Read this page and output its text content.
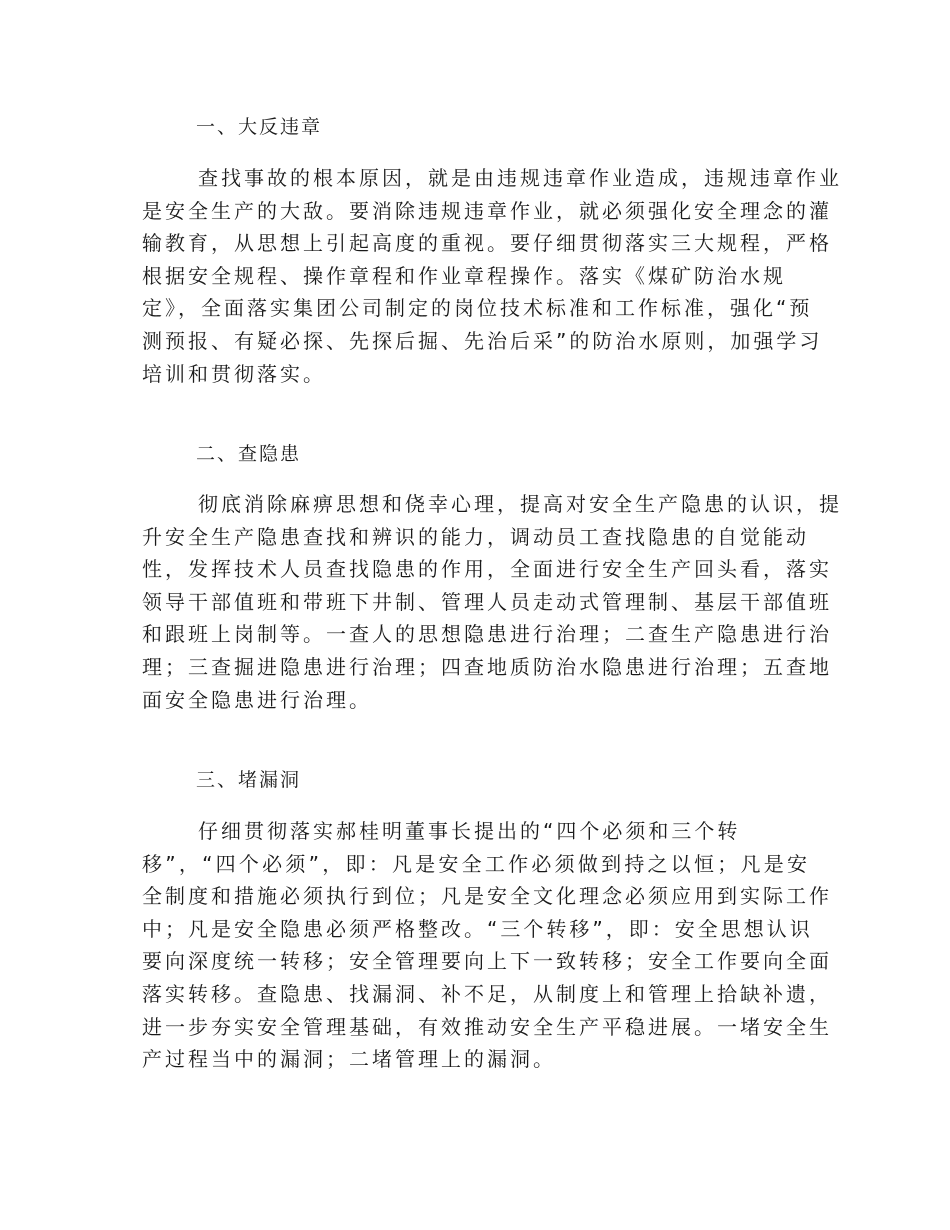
一、大反违章
查找事故的根本原因，就是由违规违章作业造成，违规违章作业
是安全生产的大敌。要消除违规违章作业，就必须强化安全理念的灌
输教育，从思想上引起高度的重视。要仔细贯彻落实三大规程，严格
根据安全规程、操作章程和作业章程操作。落实《煤矿防治水规
定》，全面落实集团公司制定的岗位技术标准和工作标准，强化“预
测预报、有疑必探、先探后掘、先治后采”的防治水原则，加强学习
培训和贯彻落实。
二、查隐患
彻底消除麻痹思想和侥幸心理，提高对安全生产隐患的认识，提
升安全生产隐患查找和辨识的能力，调动员工查找隐患的自觉能动
性，发挥技术人员查找隐患的作用，全面进行安全生产回头看，落实
领导干部值班和带班下井制、管理人员走动式管理制、基层干部值班
和跟班上岗制等。一查人的思想隐患进行治理；二查生产隐患进行治
理；三查掘进隐患进行治理；四查地质防治水隐患进行治理；五查地
面安全隐患进行治理。
三、堵漏洞
仔细贯彻落实郝桂明董事长提出的“四个必须和三个转
移”，“四个必须”，即：凡是安全工作必须做到持之以恒；凡是安
全制度和措施必须执行到位；凡是安全文化理念必须应用到实际工作
中；凡是安全隐患必须严格整改。“三个转移”，即：安全思想认识
要向深度统一转移；安全管理要向上下一致转移；安全工作要向全面
落实转移。查隐患、找漏洞、补不足，从制度上和管理上拾缺补遗，
进一步夯实安全管理基础，有效推动安全生产平稳进展。一堵安全生
产过程当中的漏洞；二堵管理上的漏洞。
